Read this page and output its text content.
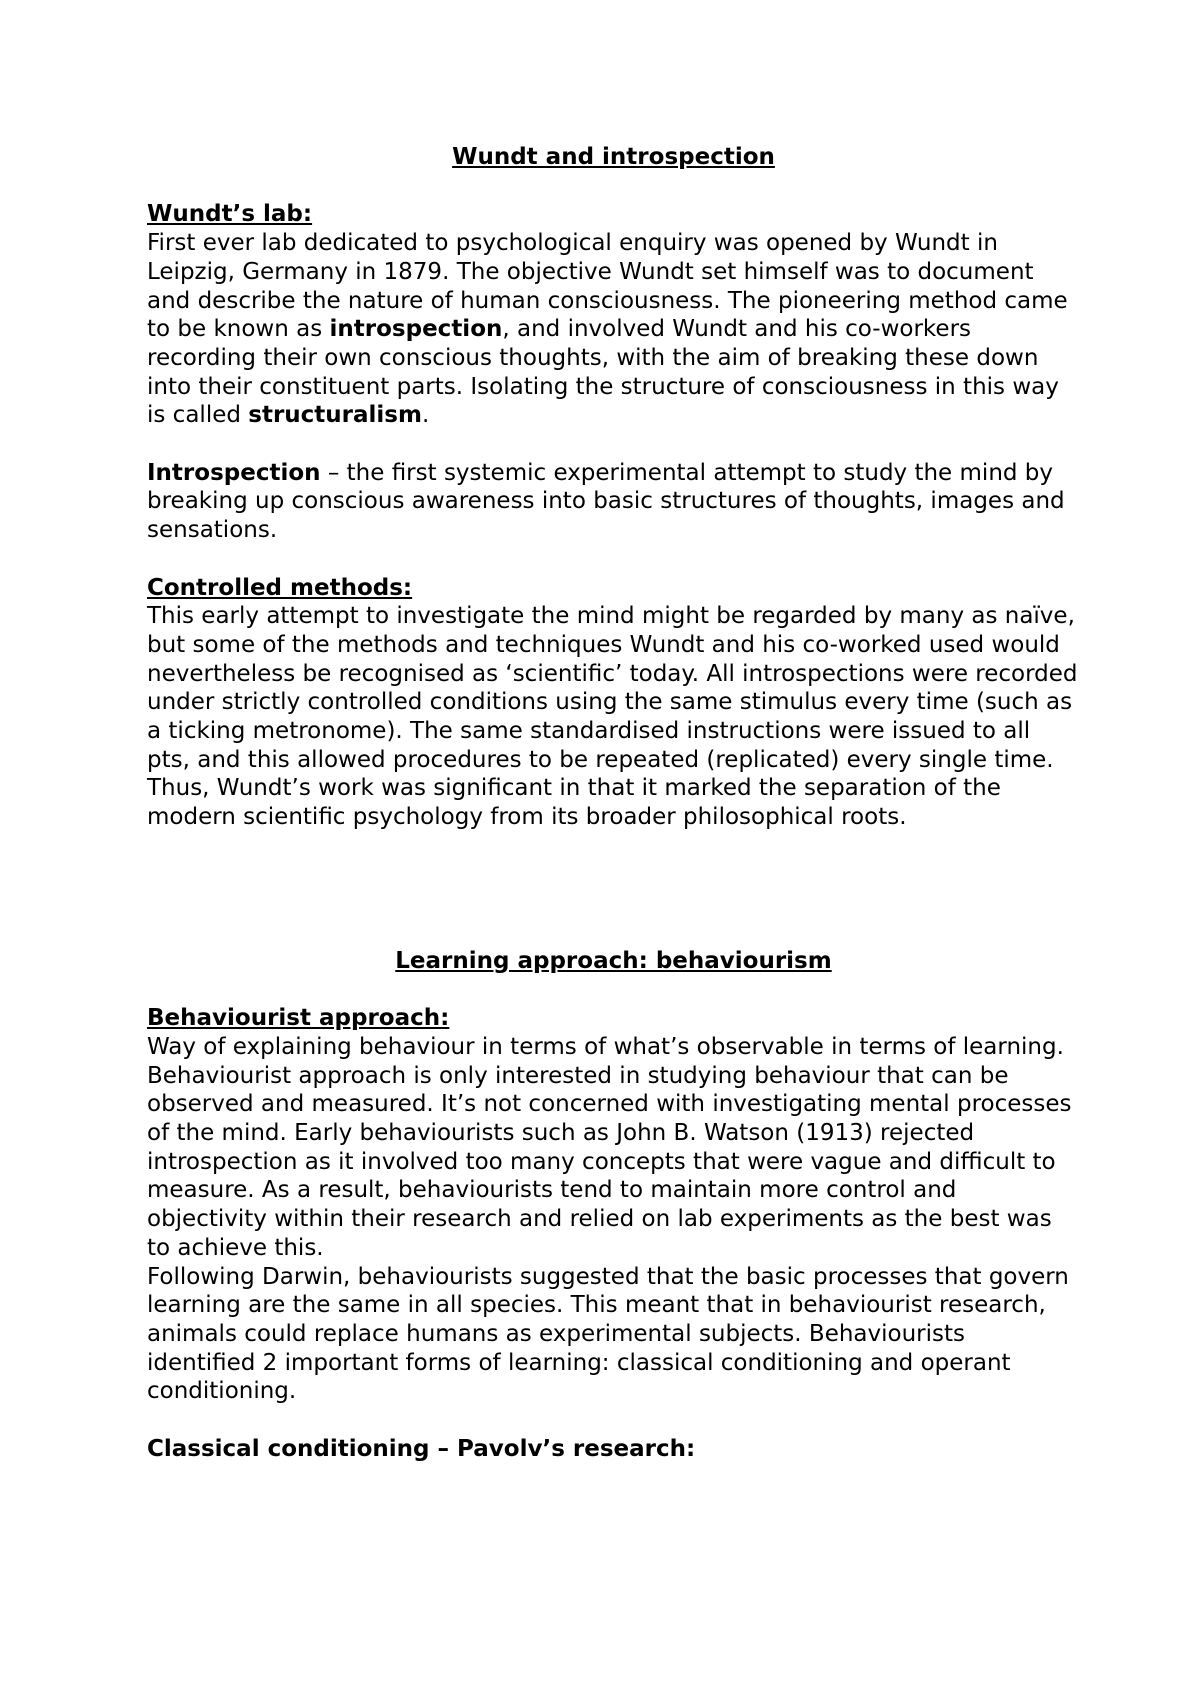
Wundt and introspection

Wundt’s lab:

First ever lab dedicated to psychological enquiry was opened by Wundt in Leipzig, Germany in 1879. The objective Wundt set himself was to document and describe the nature of human consciousness. The pioneering method came to be known as introspection, and involved Wundt and his co-workers recording their own conscious thoughts, with the aim of breaking these down into their constituent parts. Isolating the structure of consciousness in this way is called structuralism.

Introspection – the first systemic experimental attempt to study the mind by breaking up conscious awareness into basic structures of thoughts, images and sensations.

Controlled methods:

This early attempt to investigate the mind might be regarded by many as naïve, but some of the methods and techniques Wundt and his co-worked used would nevertheless be recognised as ‘scientific’ today. All introspections were recorded under strictly controlled conditions using the same stimulus every time (such as a ticking metronome). The same standardised instructions were issued to all pts, and this allowed procedures to be repeated (replicated) every single time. Thus, Wundt’s work was significant in that it marked the separation of the modern scientific psychology from its broader philosophical roots.

Learning approach: behaviourism

Behaviourist approach:

Way of explaining behaviour in terms of what’s observable in terms of learning.

Behaviourist approach is only interested in studying behaviour that can be observed and measured. It’s not concerned with investigating mental processes of the mind. Early behaviourists such as John B. Watson (1913) rejected introspection as it involved too many concepts that were vague and difficult to measure. As a result, behaviourists tend to maintain more control and objectivity within their research and relied on lab experiments as the best was to achieve this.

Following Darwin, behaviourists suggested that the basic processes that govern learning are the same in all species. This meant that in behaviourist research, animals could replace humans as experimental subjects. Behaviourists identified 2 important forms of learning: classical conditioning and operant conditioning.

Classical conditioning – Pavolv’s research:
